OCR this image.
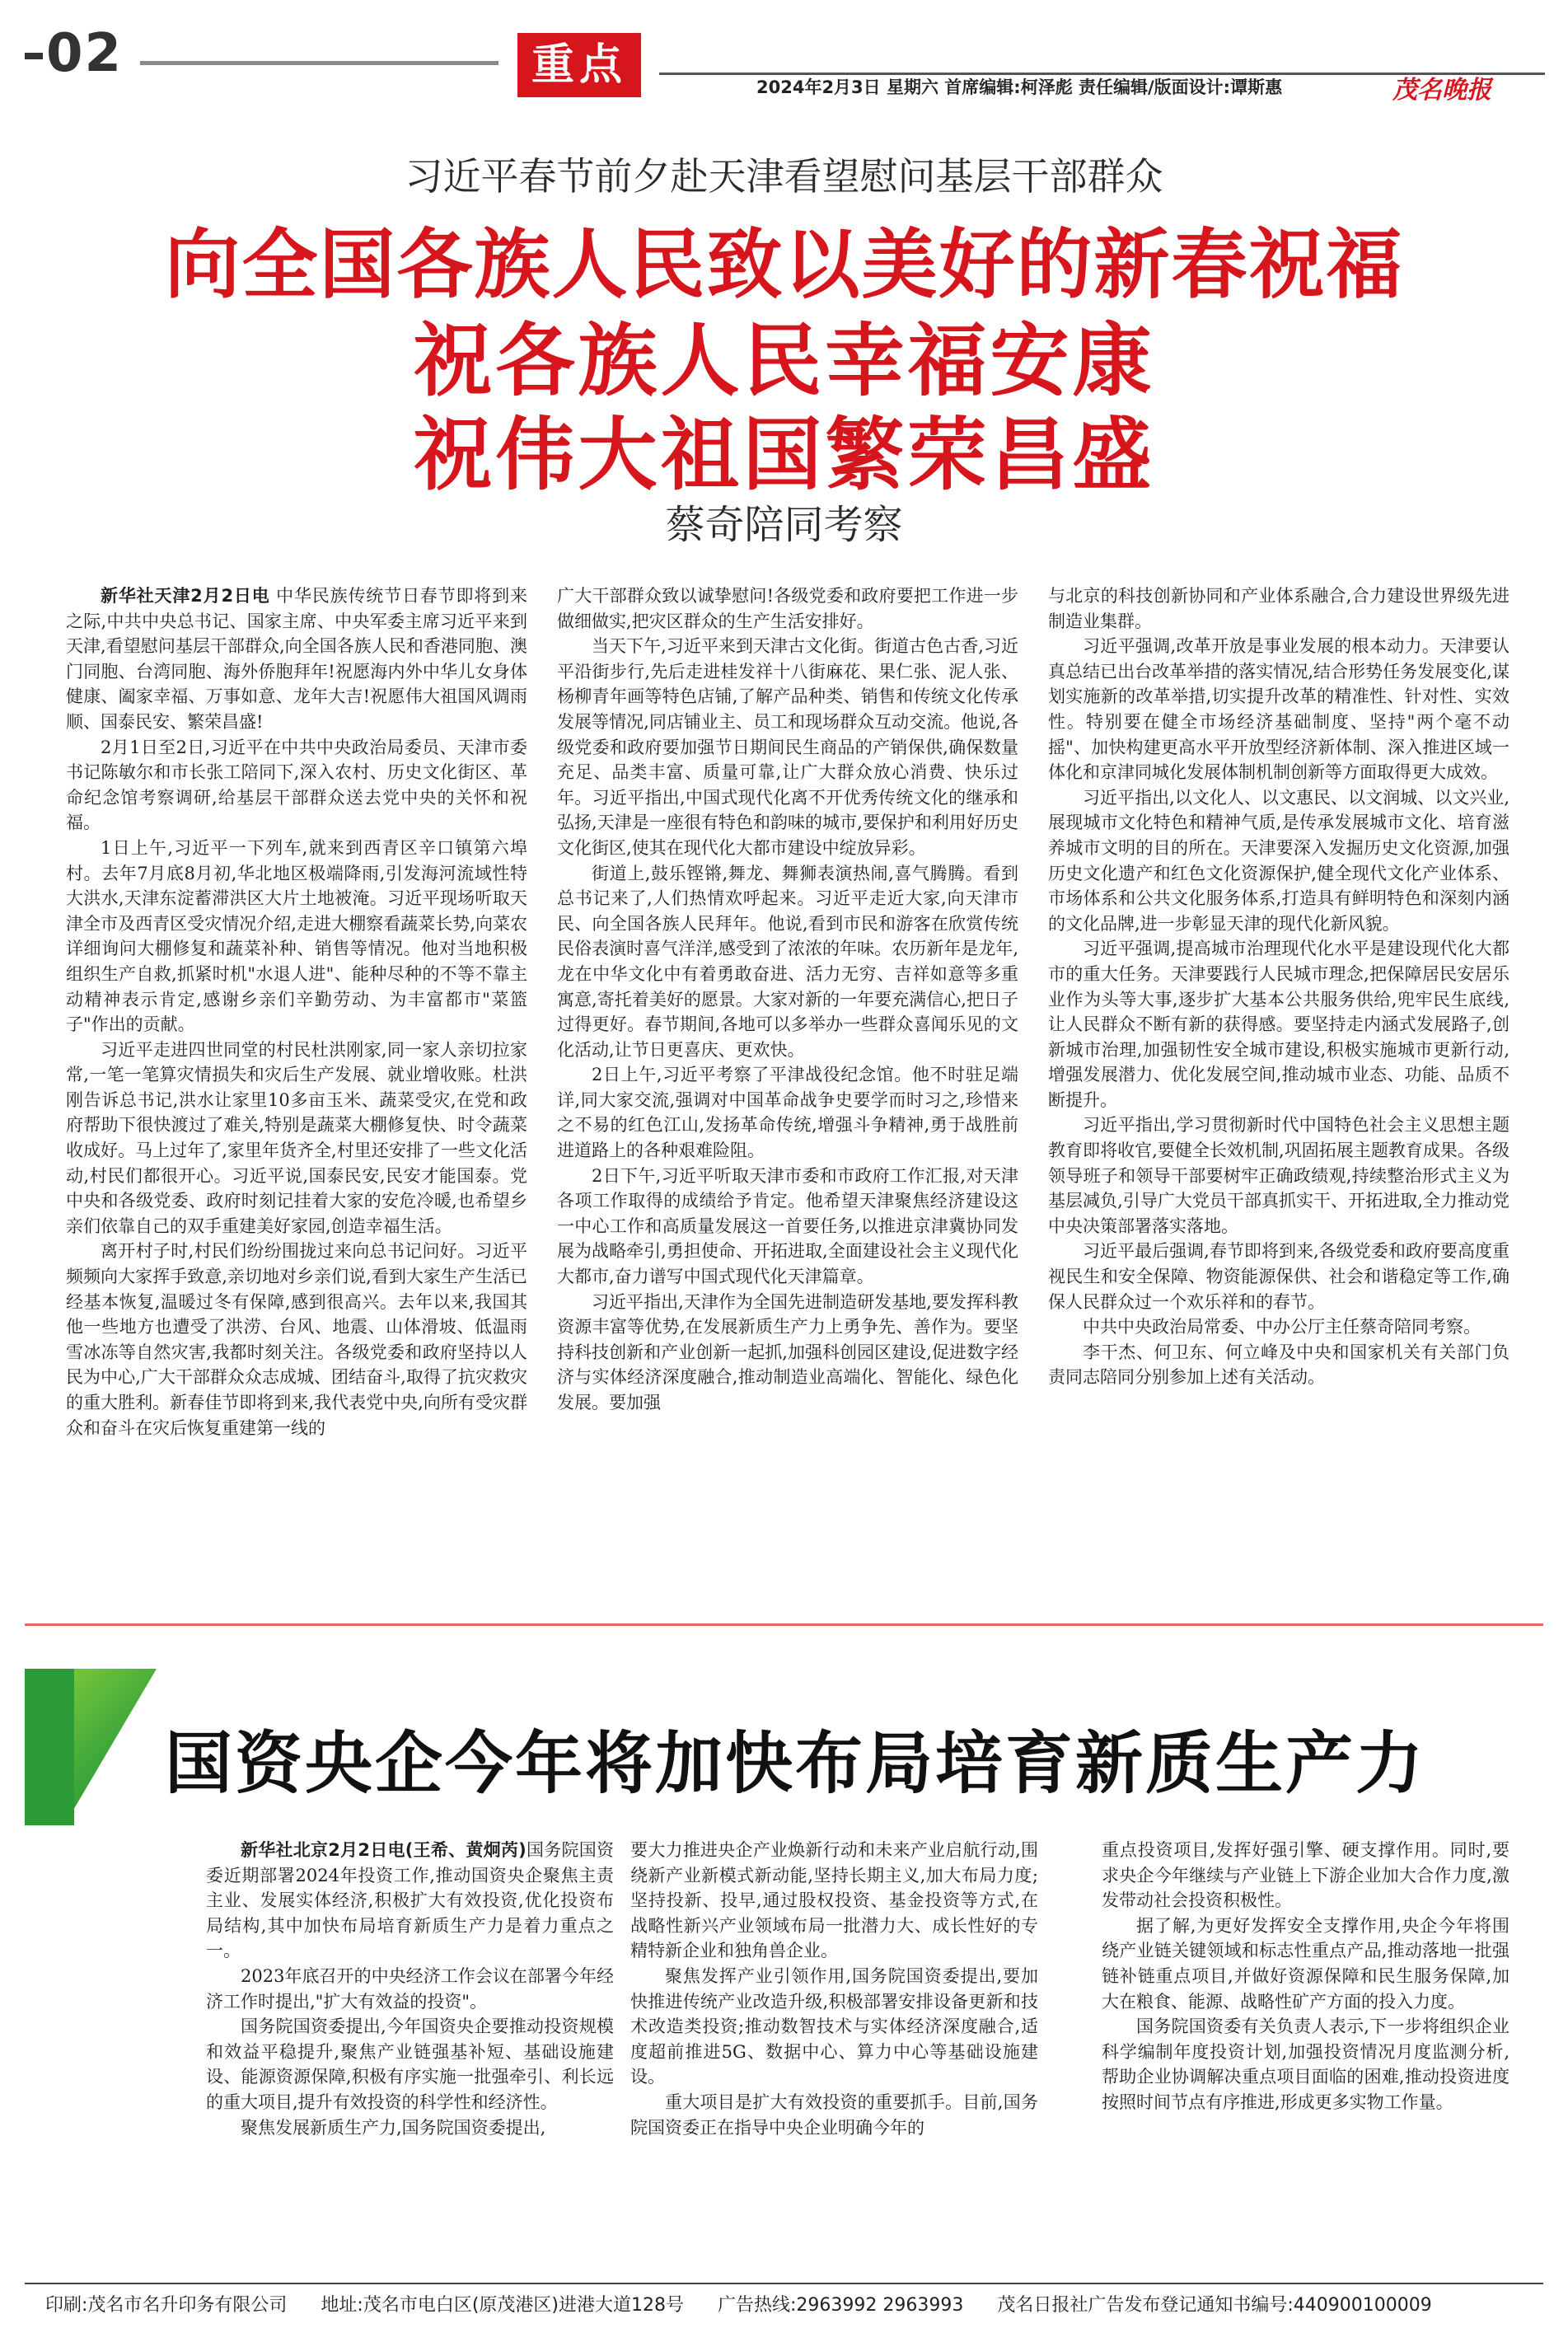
02	重点	2024年2月3日 星期六 首席编辑:柯泽彪 责任编辑/版面设计:谭斯惠	茂名晚报
习近平春节前夕赴天津看望慰问基层干部群众
向全国各族人民致以美好的新春祝福
祝各族人民幸福安康
祝伟大祖国繁荣昌盛
蔡奇陪同考察

新华社天津2月2日电 中华民族传统节日春节即将到来之际,中共中央总书记、国家主席、中央军委主席习近平来到天津,看望慰问基层干部群众,向全国各族人民和香港同胞、澳门同胞、台湾同胞、海外侨胞拜年!祝愿海内外中华儿女身体健康、阖家幸福、万事如意、龙年大吉!祝愿伟大祖国风调雨顺、国泰民安、繁荣昌盛!

2月1日至2日,习近平在中共中央政治局委员、天津市委书记陈敏尔和市长张工陪同下,深入农村、历史文化街区、革命纪念馆考察调研,给基层干部群众送去党中央的关怀和祝福。

1日上午,习近平一下列车,就来到西青区辛口镇第六埠村。去年7月底8月初,华北地区极端降雨,引发海河流域性特大洪水,天津东淀蓄滞洪区大片土地被淹。习近平现场听取天津全市及西青区受灾情况介绍,走进大棚察看蔬菜长势,向菜农详细询问大棚修复和蔬菜补种、销售等情况。他对当地积极组织生产自救,抓紧时机"水退人进"、能种尽种的不等不靠主动精神表示肯定,感谢乡亲们辛勤劳动、为丰富都市"菜篮子"作出的贡献。

习近平走进四世同堂的村民杜洪刚家,同一家人亲切拉家常,一笔一笔算灾情损失和灾后生产发展、就业增收账。杜洪刚告诉总书记,洪水让家里10多亩玉米、蔬菜受灾,在党和政府帮助下很快渡过了难关,特别是蔬菜大棚修复快、时令蔬菜收成好。马上过年了,家里年货齐全,村里还安排了一些文化活动,村民们都很开心。习近平说,国泰民安,民安才能国泰。党中央和各级党委、政府时刻记挂着大家的安危冷暖,也希望乡亲们依靠自己的双手重建美好家园,创造幸福生活。

离开村子时,村民们纷纷围拢过来向总书记问好。习近平频频向大家挥手致意,亲切地对乡亲们说,看到大家生产生活已经基本恢复,温暖过冬有保障,感到很高兴。去年以来,我国其他一些地方也遭受了洪涝、台风、地震、山体滑坡、低温雨雪冰冻等自然灾害,我都时刻关注。各级党委和政府坚持以人民为中心,广大干部群众众志成城、团结奋斗,取得了抗灾救灾的重大胜利。新春佳节即将到来,我代表党中央,向所有受灾群众和奋斗在灾后恢复重建第一线的

广大干部群众致以诚挚慰问!各级党委和政府要把工作进一步做细做实,把灾区群众的生产生活安排好。

当天下午,习近平来到天津古文化街。街道古色古香,习近平沿街步行,先后走进桂发祥十八街麻花、果仁张、泥人张、杨柳青年画等特色店铺,了解产品种类、销售和传统文化传承发展等情况,同店铺业主、员工和现场群众互动交流。他说,各级党委和政府要加强节日期间民生商品的产销保供,确保数量充足、品类丰富、质量可靠,让广大群众放心消费、快乐过年。习近平指出,中国式现代化离不开优秀传统文化的继承和弘扬,天津是一座很有特色和韵味的城市,要保护和利用好历史文化街区,使其在现代化大都市建设中绽放异彩。

街道上,鼓乐铿锵,舞龙、舞狮表演热闹,喜气腾腾。看到总书记来了,人们热情欢呼起来。习近平走近大家,向天津市民、向全国各族人民拜年。他说,看到市民和游客在欣赏传统民俗表演时喜气洋洋,感受到了浓浓的年味。农历新年是龙年,龙在中华文化中有着勇敢奋进、活力无穷、吉祥如意等多重寓意,寄托着美好的愿景。大家对新的一年要充满信心,把日子过得更好。春节期间,各地可以多举办一些群众喜闻乐见的文化活动,让节日更喜庆、更欢快。

2日上午,习近平考察了平津战役纪念馆。他不时驻足端详,同大家交流,强调对中国革命战争史要学而时习之,珍惜来之不易的红色江山,发扬革命传统,增强斗争精神,勇于战胜前进道路上的各种艰难险阻。

2日下午,习近平听取天津市委和市政府工作汇报,对天津各项工作取得的成绩给予肯定。他希望天津聚焦经济建设这一中心工作和高质量发展这一首要任务,以推进京津冀协同发展为战略牵引,勇担使命、开拓进取,全面建设社会主义现代化大都市,奋力谱写中国式现代化天津篇章。

习近平指出,天津作为全国先进制造研发基地,要发挥科教资源丰富等优势,在发展新质生产力上勇争先、善作为。要坚持科技创新和产业创新一起抓,加强科创园区建设,促进数字经济与实体经济深度融合,推动制造业高端化、智能化、绿色化发展。要加强

与北京的科技创新协同和产业体系融合,合力建设世界级先进制造业集群。

习近平强调,改革开放是事业发展的根本动力。天津要认真总结已出台改革举措的落实情况,结合形势任务发展变化,谋划实施新的改革举措,切实提升改革的精准性、针对性、实效性。特别要在健全市场经济基础制度、坚持"两个毫不动摇"、加快构建更高水平开放型经济新体制、深入推进区域一体化和京津同城化发展体制机制创新等方面取得更大成效。

习近平指出,以文化人、以文惠民、以文润城、以文兴业,展现城市文化特色和精神气质,是传承发展城市文化、培育滋养城市文明的目的所在。天津要深入发掘历史文化资源,加强历史文化遗产和红色文化资源保护,健全现代文化产业体系、市场体系和公共文化服务体系,打造具有鲜明特色和深刻内涵的文化品牌,进一步彰显天津的现代化新风貌。

习近平强调,提高城市治理现代化水平是建设现代化大都市的重大任务。天津要践行人民城市理念,把保障居民安居乐业作为头等大事,逐步扩大基本公共服务供给,兜牢民生底线,让人民群众不断有新的获得感。要坚持走内涵式发展路子,创新城市治理,加强韧性安全城市建设,积极实施城市更新行动,增强发展潜力、优化发展空间,推动城市业态、功能、品质不断提升。

习近平指出,学习贯彻新时代中国特色社会主义思想主题教育即将收官,要健全长效机制,巩固拓展主题教育成果。各级领导班子和领导干部要树牢正确政绩观,持续整治形式主义为基层减负,引导广大党员干部真抓实干、开拓进取,全力推动党中央决策部署落实落地。

习近平最后强调,春节即将到来,各级党委和政府要高度重视民生和安全保障、物资能源保供、社会和谐稳定等工作,确保人民群众过一个欢乐祥和的春节。

中共中央政治局常委、中办公厅主任蔡奇陪同考察。

李干杰、何卫东、何立峰及中央和国家机关有关部门负责同志陪同分别参加上述有关活动。

国资央企今年将加快布局培育新质生产力

新华社北京2月2日电(王希、黄炯芮)国务院国资委近期部署2024年投资工作,推动国资央企聚焦主责主业、发展实体经济,积极扩大有效投资,优化投资布局结构,其中加快布局培育新质生产力是着力重点之一。

2023年底召开的中央经济工作会议在部署今年经济工作时提出,"扩大有效益的投资"。

国务院国资委提出,今年国资央企要推动投资规模和效益平稳提升,聚焦产业链强基补短、基础设施建设、能源资源保障,积极有序实施一批强牵引、利长远的重大项目,提升有效投资的科学性和经济性。

聚焦发展新质生产力,国务院国资委提出,

要大力推进央企产业焕新行动和未来产业启航行动,围绕新产业新模式新动能,坚持长期主义,加大布局力度;坚持投新、投早,通过股权投资、基金投资等方式,在战略性新兴产业领域布局一批潜力大、成长性好的专精特新企业和独角兽企业。

聚焦发挥产业引领作用,国务院国资委提出,要加快推进传统产业改造升级,积极部署安排设备更新和技术改造类投资;推动数智技术与实体经济深度融合,适度超前推进5G、数据中心、算力中心等基础设施建设。

重大项目是扩大有效投资的重要抓手。目前,国务院国资委正在指导中央企业明确今年的

重点投资项目,发挥好强引擎、硬支撑作用。同时,要求央企今年继续与产业链上下游企业加大合作力度,激发带动社会投资积极性。

据了解,为更好发挥安全支撑作用,央企今年将围绕产业链关键领域和标志性重点产品,推动落地一批强链补链重点项目,并做好资源保障和民生服务保障,加大在粮食、能源、战略性矿产方面的投入力度。

国务院国资委有关负责人表示,下一步将组织企业科学编制年度投资计划,加强投资情况月度监测分析,帮助企业协调解决重点项目面临的困难,推动投资进度按照时间节点有序推进,形成更多实物工作量。

印刷:茂名市名升印务有限公司 地址:茂名市电白区(原茂港区)进港大道128号 广告热线:2963992 2963993 茂名日报社广告发布登记通知书编号:440900100009
